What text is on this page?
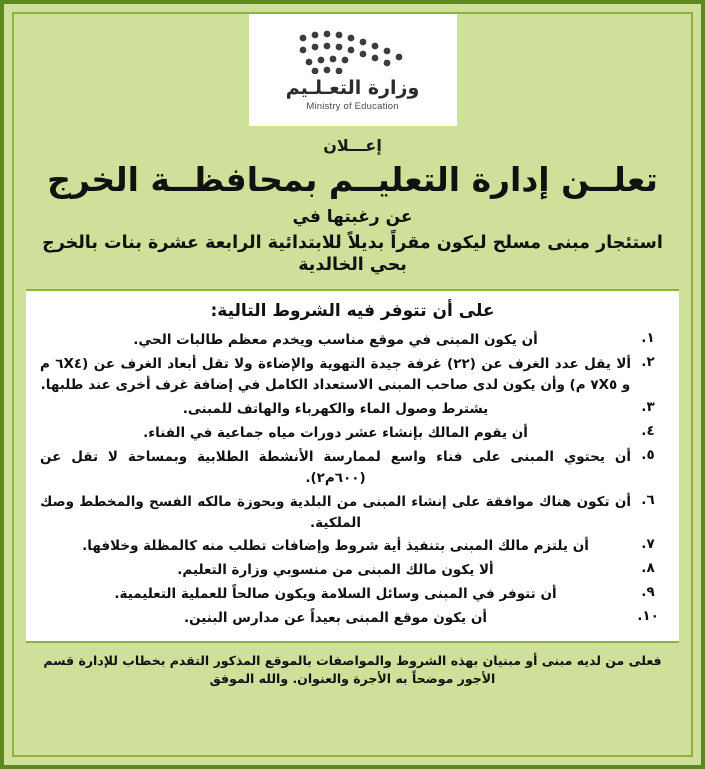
وزارة التعـلـيم
Ministry of Education
إعـــلان
تعلــن إدارة التعليــم بمحافظــة الخرج
عن رغبتها في
استئجار مبنى مسلح ليكون مقراً بديلاً للابتدائية الرابعة عشرة بنات بالخرج بحي الخالدية
على أن تتوفر فيه الشروط التالية:
١.	أن يكون المبنى في موقع مناسب ويخدم معظم طالبات الحي.
٢.	ألا يقل عدد الغرف عن (٢٢) غرفة جيدة التهوية والإضاءة ولا تقل أبعاد الغرف عن (٦X٤ م و ٧X٥ م) وأن يكون لدى صاحب المبنى الاستعداد الكامل في إضافة غرف أخرى عند طلبها.
٣.	يشترط وصول الماء والكهرباء والهاتف للمبنى.
٤.	أن يقوم المالك بإنشاء عشر دورات مياه جماعية في الفناء.
٥.	أن يحتوي المبنى على فناء واسع لممارسة الأنشطة الطلابية وبمساحة لا تقل عن (٦٠٠م٢).
٦.	أن تكون هناك موافقة على إنشاء المبنى من البلدية وبحوزة مالكه الفسح والمخطط وصك الملكية.
٧.	أن يلتزم مالك المبنى بتنفيذ أية شروط وإضافات تطلب منه كالمظلة وخلافها.
٨.	ألا يكون مالك المبنى من منسوبي وزارة التعليم.
٩.	أن تتوفر في المبنى وسائل السلامة ويكون صالحاً للعملية التعليمية.
١٠.	أن يكون موقع المبنى بعيداً عن مدارس البنين.
فعلى من لديه مبنى أو مبنيان بهذه الشروط والمواصفات بالموقع المذكور التقدم بخطاب للإدارة قسم الأجور موضحاً به الأجرة والعنوان. والله الموفق
